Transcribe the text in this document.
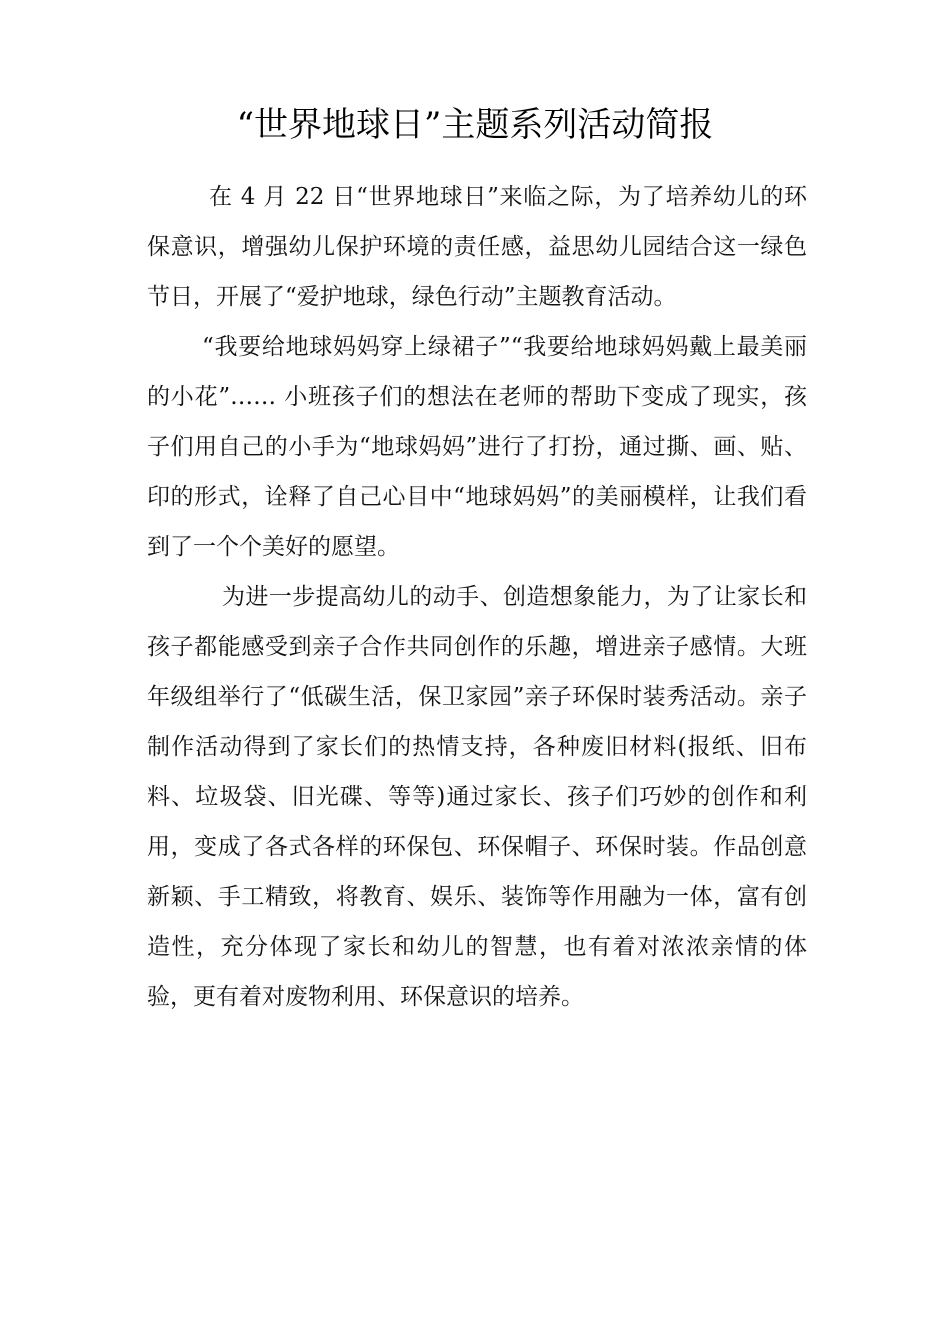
“世界地球日”主题系列活动简报

在 4 月 22 日“世界地球日”来临之际，为了培养幼儿的环保意识，增强幼儿保护环境的责任感，益思幼儿园结合这一绿色节日，开展了“爱护地球，绿色行动”主题教育活动。

“我要给地球妈妈穿上绿裙子”“我要给地球妈妈戴上最美丽的小花”…… 小班孩子们的想法在老师的帮助下变成了现实，孩子们用自己的小手为“地球妈妈”进行了打扮，通过撕、画、贴、印的形式，诠释了自己心目中“地球妈妈”的美丽模样，让我们看到了一个个美好的愿望。

为进一步提高幼儿的动手、创造想象能力，为了让家长和孩子都能感受到亲子合作共同创作的乐趣，增进亲子感情。大班年级组举行了“低碳生活，保卫家园”亲子环保时装秀活动。亲子制作活动得到了家长们的热情支持，各种废旧材料(报纸、旧布料、垃圾袋、旧光碟、等等)通过家长、孩子们巧妙的创作和利用，变成了各式各样的环保包、环保帽子、环保时装。作品创意新颖、手工精致，将教育、娱乐、装饰等作用融为一体，富有创造性，充分体现了家长和幼儿的智慧，也有着对浓浓亲情的体验，更有着对废物利用、环保意识的培养。
